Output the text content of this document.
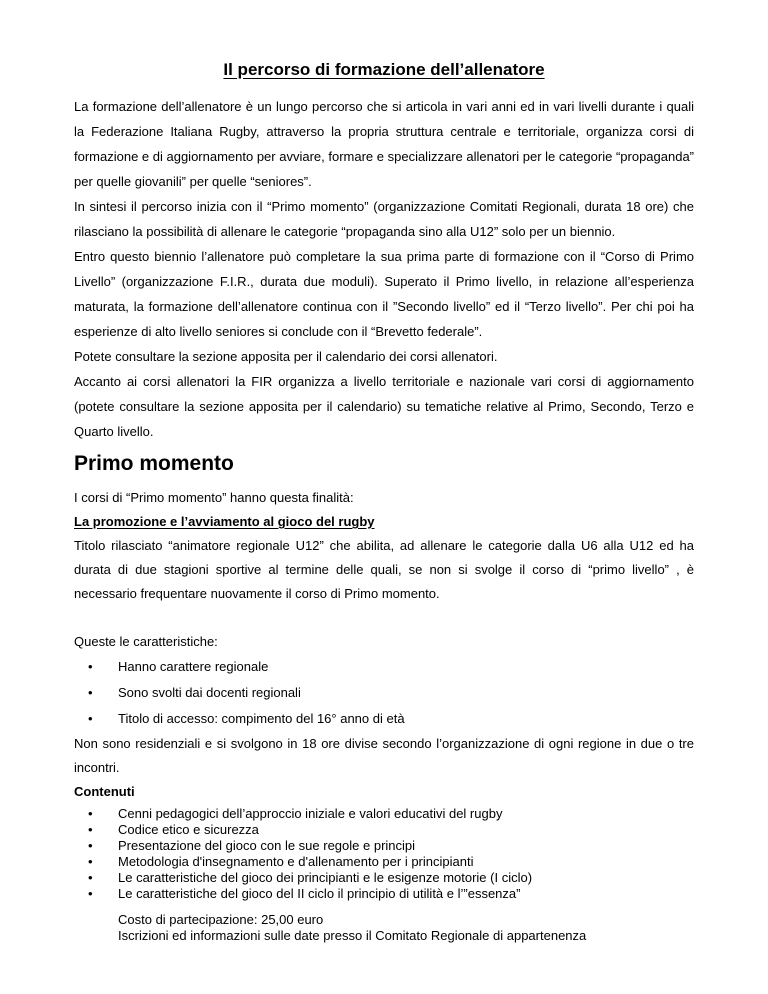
Il percorso di formazione dell’allenatore

La formazione dell’allenatore è un lungo percorso che si articola in vari anni ed in vari livelli durante i quali la Federazione Italiana Rugby, attraverso la propria struttura centrale e territoriale, organizza corsi di formazione e di aggiornamento per avviare, formare e specializzare allenatori per le categorie “propaganda” per quelle giovanili” per quelle “seniores”.

In sintesi il percorso inizia con il “Primo momento” (organizzazione Comitati Regionali, durata 18 ore) che rilasciano la possibilità di allenare le categorie “propaganda sino alla U12” solo per un biennio.

Entro questo biennio l’allenatore può completare la sua prima parte di formazione con il “Corso di Primo Livello” (organizzazione F.I.R., durata due moduli). Superato il Primo livello, in relazione all’esperienza maturata, la formazione dell’allenatore continua con il ”Secondo livello” ed il “Terzo livello”. Per chi poi ha esperienze di alto livello seniores si conclude con il “Brevetto federale”.

Potete consultare la sezione apposita per il calendario dei corsi allenatori.

Accanto ai corsi allenatori la FIR organizza a livello territoriale e nazionale vari corsi di aggiornamento (potete consultare la sezione apposita per il calendario) su tematiche relative al Primo, Secondo, Terzo e Quarto livello.

Primo momento

I corsi di “Primo momento” hanno questa finalità:

La promozione e l’avviamento al gioco del rugby

Titolo rilasciato “animatore regionale U12” che abilita, ad allenare le categorie dalla U6 alla U12 ed ha durata di due stagioni sportive al termine delle quali, se non si svolge il corso di “primo livello” , è necessario frequentare nuovamente il corso di Primo momento.

Queste le caratteristiche:

• Hanno carattere regionale
• Sono svolti dai docenti regionali
• Titolo di accesso: compimento del 16° anno di età

Non sono residenziali e si svolgono in 18 ore divise secondo l’organizzazione di ogni regione in due o tre incontri.

Contenuti

• Cenni pedagogici dell’approccio iniziale e valori educativi del rugby
• Codice etico e sicurezza
• Presentazione del gioco con le sue regole e principi
• Metodologia d'insegnamento e d'allenamento per i principianti
• Le caratteristiche del gioco dei principianti e le esigenze motorie (I ciclo)
• Le caratteristiche del gioco del II ciclo il principio di utilità e l’”essenza”

Costo di partecipazione: 25,00 euro

Iscrizioni ed informazioni sulle date presso il Comitato Regionale di appartenenza
